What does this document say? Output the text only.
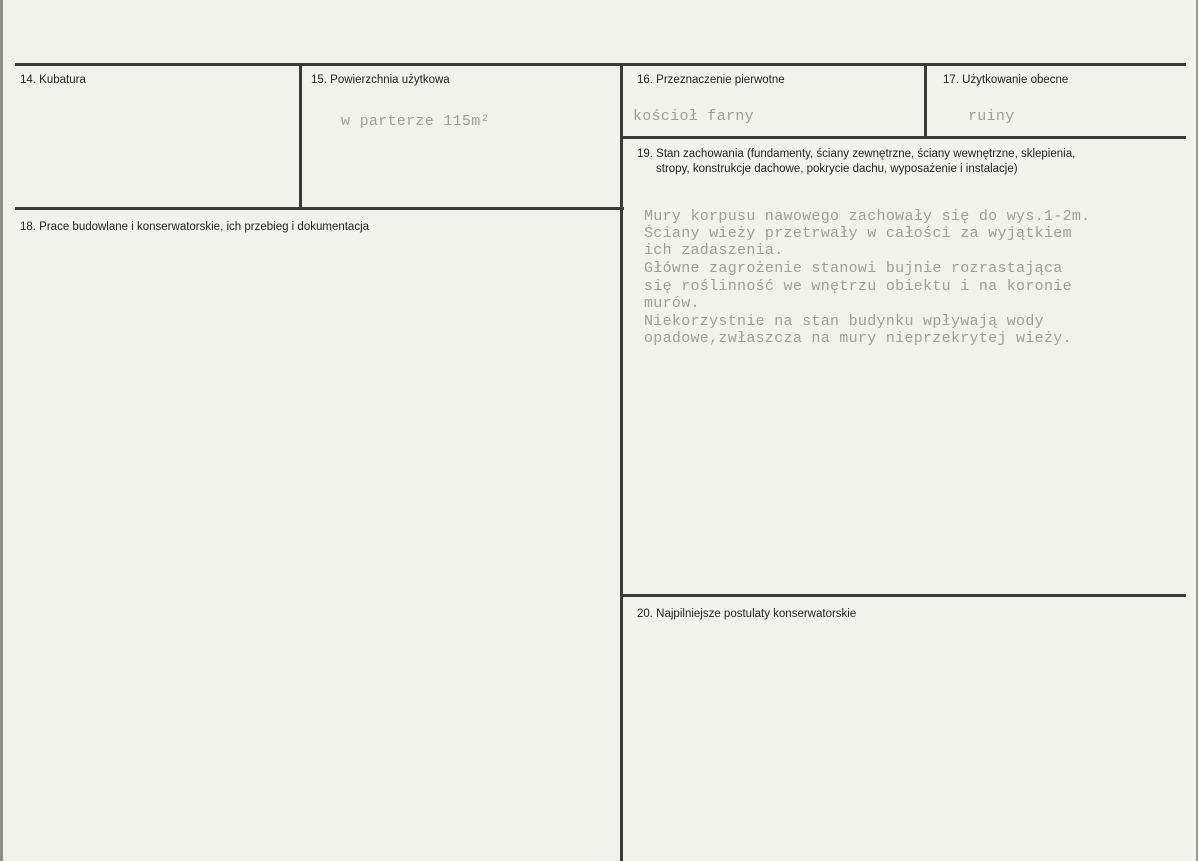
14. Kubatura	15. Powierzchnia użytkowa
w parterze 115m²
16. Przeznaczenie pierwotne
kościoł farny
17. Użytkowanie obecne
ruiny
18. Prace budowlane i konserwatorskie, ich przebieg i dokumentacja
19. Stan zachowania (fundamenty, ściany zewnętrzne, ściany wewnętrzne, sklepienia,
stropy, konstrukcje dachowe, pokrycie dachu, wyposażenie i instalacje)
Mury korpusu nawowego zachowały się do wys.1-2m.
Ściany wieży przetrwały w całości za wyjątkiem
ich zadaszenia.
Główne zagrożenie stanowi bujnie rozrastająca
się roślinność we wnętrzu obiektu i na koronie
murów.
Niekorzystnie na stan budynku wpływają wody
opadowe,zwłaszcza na mury nieprzekrytej wieży.
20. Najpilniejsze postulaty konserwatorskie
